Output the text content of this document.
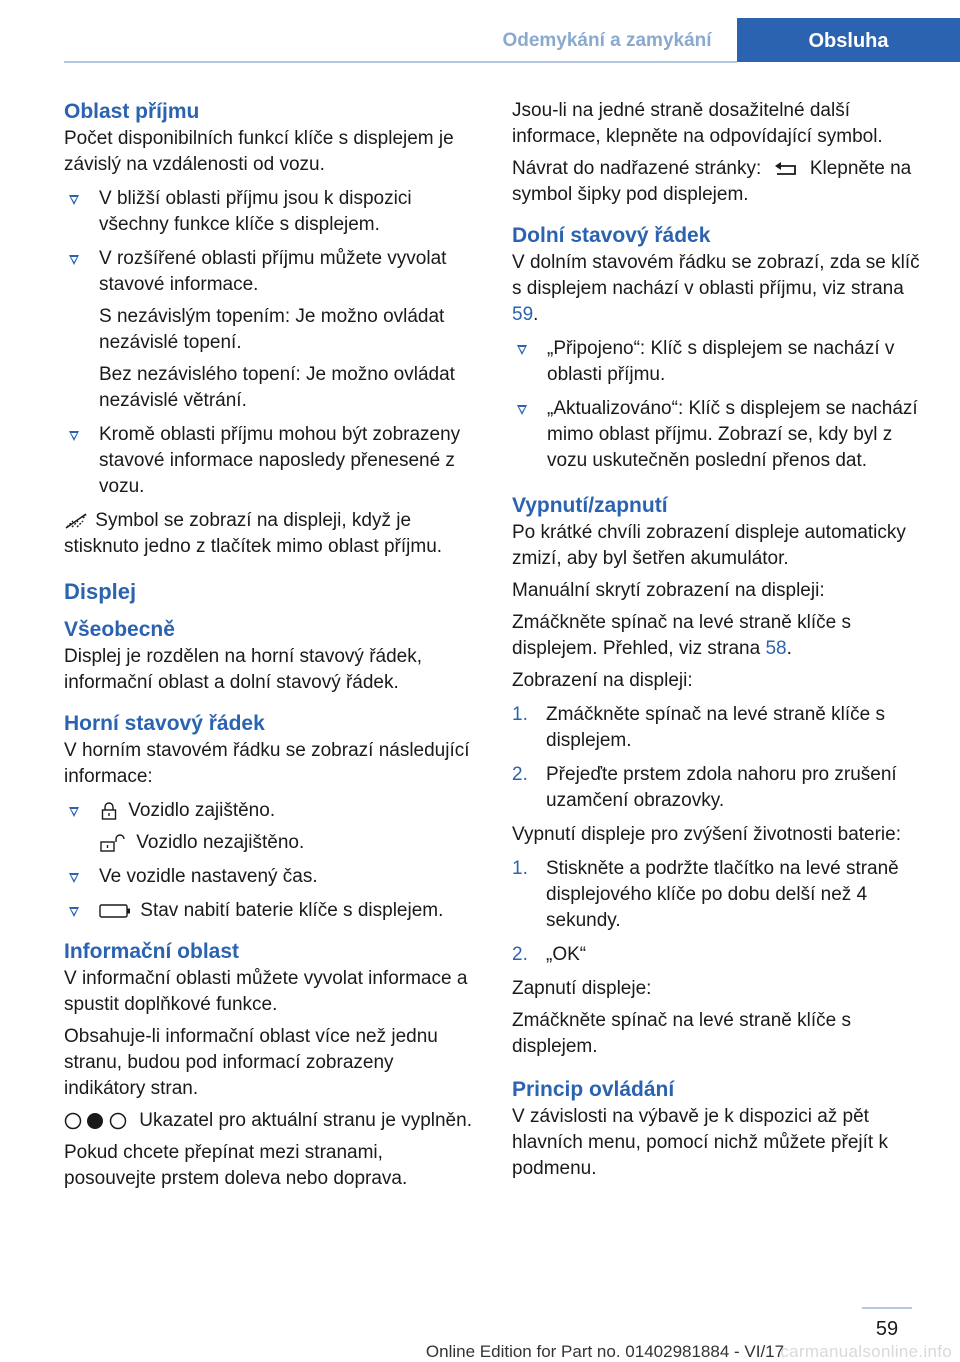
Odemykání a zamykání	Obsluha
Oblast příjmu
Počet disponibilních funkcí klíče s displejem je závislý na vzdálenosti od vozu.
V bližší oblasti příjmu jsou k dispozici všechny funkce klíče s displejem.
V rozšířené oblasti příjmu můžete vyvolat stavové informace.
S nezávislým topením: Je možno ovládat nezávislé topení.
Bez nezávislého topení: Je možno ovládat nezávislé větrání.
Kromě oblasti příjmu mohou být zobrazeny stavové informace naposledy přenesené z vozu.
Symbol se zobrazí na displeji, když je stisknuto jedno z tlačítek mimo oblast příjmu.
Displej
Všeobecně
Displej je rozdělen na horní stavový řádek, informační oblast a dolní stavový řádek.
Horní stavový řádek
V horním stavovém řádku se zobrazí následující informace:
Vozidlo zajištěno.
Vozidlo nezajištěno.
Ve vozidle nastavený čas.
Stav nabití baterie klíče s displejem.
Informační oblast
V informační oblasti můžete vyvolat informace a spustit doplňkové funkce.
Obsahuje-li informační oblast více než jednu stranu, budou pod informací zobrazeny indikátory stran.
Ukazatel pro aktuální stranu je vyplněn.
Pokud chcete přepínat mezi stranami, posouvejte prstem doleva nebo doprava.
Jsou-li na jedné straně dosažitelné další informace, klepněte na odpovídající symbol.
Návrat do nadřazené stránky:	Klepněte na symbol šipky pod displejem.
Dolní stavový řádek
V dolním stavovém řádku se zobrazí, zda se klíč s displejem nachází v oblasti příjmu, viz strana 59.
„Připojeno“: Klíč s displejem se nachází v oblasti příjmu.
„Aktualizováno“: Klíč s displejem se nachází mimo oblast příjmu. Zobrazí se, kdy byl z vozu uskutečněn poslední přenos dat.
Vypnutí/zapnutí
Po krátké chvíli zobrazení displeje automaticky zmizí, aby byl šetřen akumulátor.
Manuální skrytí zobrazení na displeji:
Zmáčkněte spínač na levé straně klíče s displejem. Přehled, viz strana 58.
Zobrazení na displeji:
1. Zmáčkněte spínač na levé straně klíče s displejem.
2. Přejeďte prstem zdola nahoru pro zrušení uzamčení obrazovky.
Vypnutí displeje pro zvýšení životnosti baterie:
1. Stiskněte a podržte tlačítko na levé straně displejového klíče po dobu delší než 4 sekundy.
2. „OK“
Zapnutí displeje:
Zmáčkněte spínač na levé straně klíče s displejem.
Princip ovládání
V závislosti na výbavě je k dispozici až pět hlavních menu, pomocí nichž můžete přejít k podmenu.
59
Online Edition for Part no. 01402981884 - VI/17
carmanualsonline.info
